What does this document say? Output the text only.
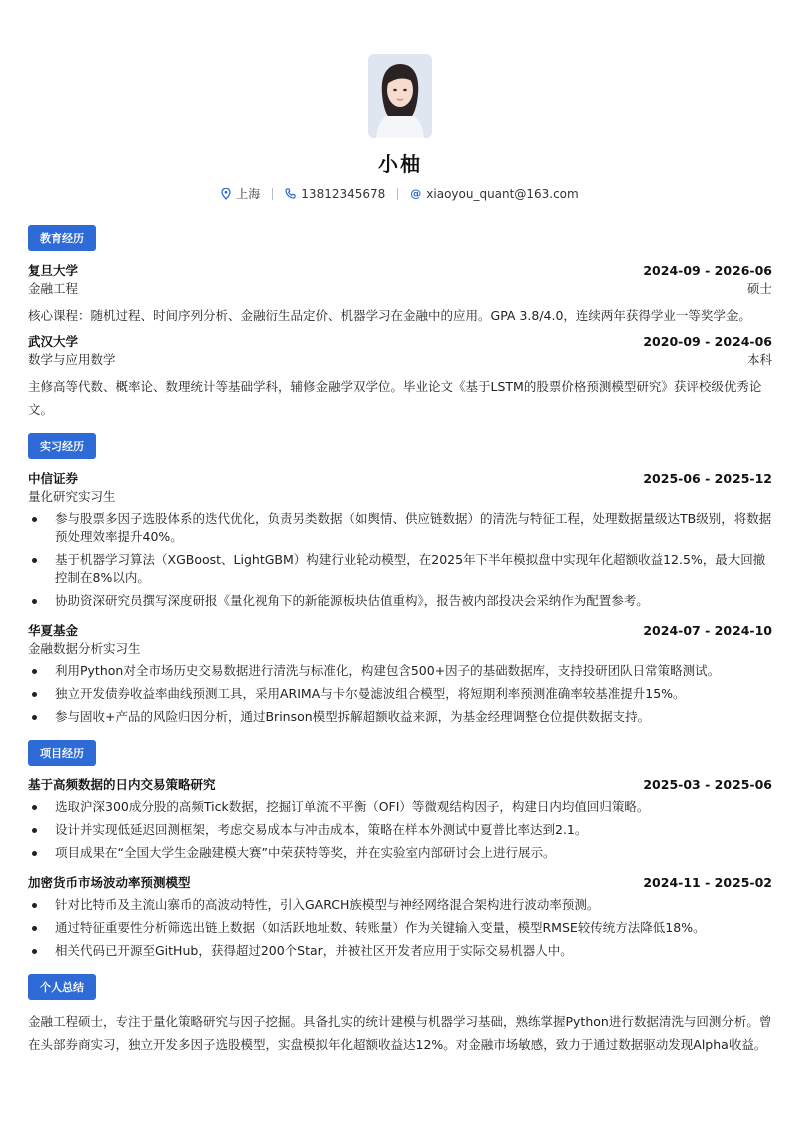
小柚
上海	13812345678 @ xiaoyou_quant@163.com
教育经历
复旦大学	2024-09 - 2026-06
金融工程	硕士
核心课程：随机过程、时间序列分析、金融衍生品定价、机器学习在金融中的应用。GPA 3.8/4.0，连续两年获得学业一等奖学金。
武汉大学	2020-09 - 2024-06
数学与应用数学	本科
主修高等代数、概率论、数理统计等基础学科，辅修金融学双学位。毕业论文《基于LSTM的股票价格预测模型研究》获评校级优秀论文。
实习经历
中信证券	2025-06 - 2025-12
量化研究实习生
参与股票多因子选股体系的迭代优化，负责另类数据（如舆情、供应链数据）的清洗与特征工程，处理数据量级达TB级别，将数据预处理效率提升40%。
基于机器学习算法（XGBoost、LightGBM）构建行业轮动模型，在2025年下半年模拟盘中实现年化超额收益12.5%，最大回撤控制在8%以内。
协助资深研究员撰写深度研报《量化视角下的新能源板块估值重构》，报告被内部投决会采纳作为配置参考。
华夏基金	2024-07 - 2024-10
金融数据分析实习生
利用Python对全市场历史交易数据进行清洗与标准化，构建包含500+因子的基础数据库，支持投研团队日常策略测试。
独立开发债券收益率曲线预测工具，采用ARIMA与卡尔曼滤波组合模型，将短期利率预测准确率较基准提升15%。
参与固收+产品的风险归因分析，通过Brinson模型拆解超额收益来源，为基金经理调整仓位提供数据支持。
项目经历
基于高频数据的日内交易策略研究	2025-03 - 2025-06
选取沪深300成分股的高频Tick数据，挖掘订单流不平衡（OFI）等微观结构因子，构建日内均值回归策略。
设计并实现低延迟回测框架，考虑交易成本与冲击成本，策略在样本外测试中夏普比率达到2.1。
项目成果在“全国大学生金融建模大赛”中荣获特等奖，并在实验室内部研讨会上进行展示。
加密货币市场波动率预测模型	2024-11 - 2025-02
针对比特币及主流山寨币的高波动特性，引入GARCH族模型与神经网络混合架构进行波动率预测。
通过特征重要性分析筛选出链上数据（如活跃地址数、转账量）作为关键输入变量，模型RMSE较传统方法降低18%。
相关代码已开源至GitHub，获得超过200个Star，并被社区开发者应用于实际交易机器人中。
个人总结
金融工程硕士，专注于量化策略研究与因子挖掘。具备扎实的统计建模与机器学习基础，熟练掌握Python进行数据清洗与回测分析。曾在头部券商实习，独立开发多因子选股模型，实盘模拟年化超额收益达12%。对金融市场敏感，致力于通过数据驱动发现Alpha收益。
